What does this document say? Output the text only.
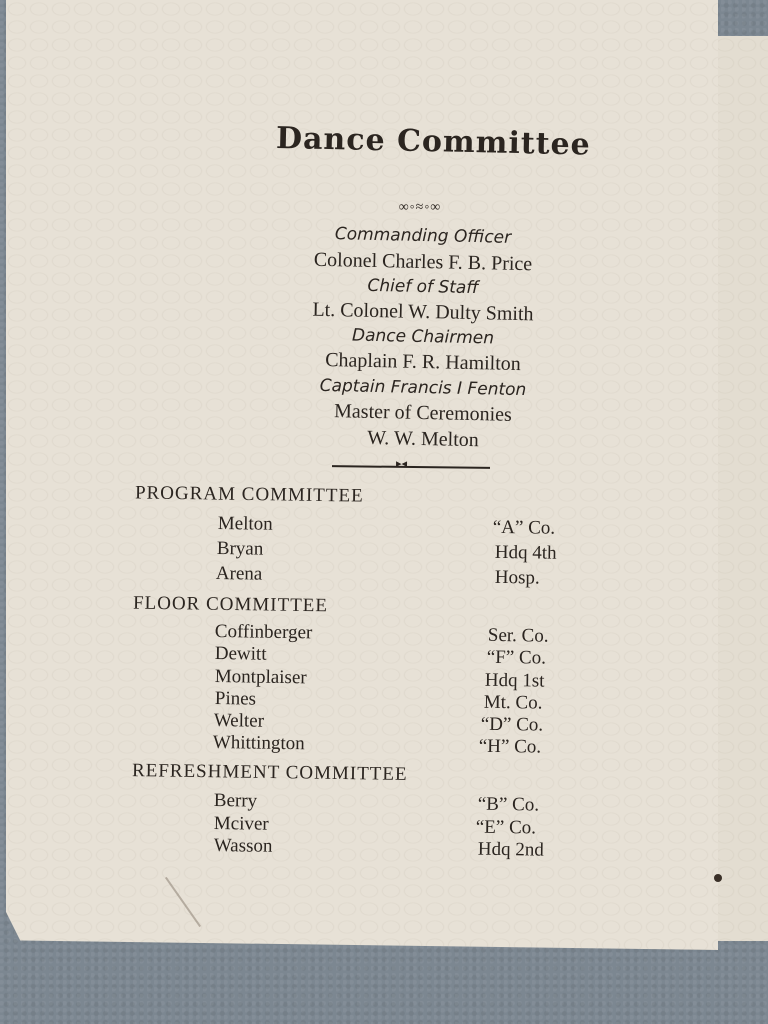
Dance Committee
∞◦≈◦∞
Commanding Officer
Colonel Charles F. B. Price
Chief of Staff
Lt. Colonel W. Dulty Smith
Dance Chairmen
Chaplain F. R. Hamilton
Captain Francis I Fenton
Master of Ceremonies
W. W. Melton
▸◂
PROGRAM COMMITTEE
Melton	“A” Co.
Bryan	Hdq 4th
Arena	Hosp.
FLOOR COMMITTEE
Coffinberger	Ser. Co.
Dewitt	“F” Co.
Montplaiser	Hdq 1st
Pines	Mt. Co.
Welter	“D” Co.
Whittington	“H” Co.
REFRESHMENT COMMITTEE
Berry	“B” Co.
Mciver	“E” Co.
Wasson	Hdq 2nd
